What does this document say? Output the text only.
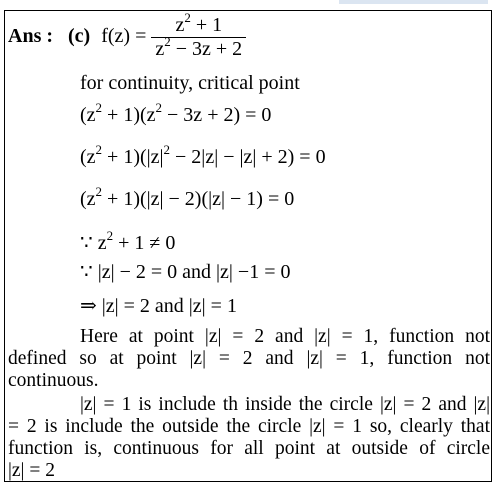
Ans : (c) $f(z) = \frac{z^2 + 1}{z^2 - 3z + 2}$
for continuity, critical point
$(z^2 + 1)(z^2 - 3z + 2) = 0$
$(z^2 + 1)(|z|^2 - 2|z| - |z| + 2) = 0$
$(z^2 + 1)(|z| - 2)(|z| - 1) = 0$
∵ $z^2 + 1 \ne 0$
∵ |z| − 2 = 0 and |z| −1 = 0
⇒ |z| = 2 and |z| = 1
Here at point |z| = 2 and |z| = 1, function not
defined so at point |z| = 2 and |z| = 1, function not
continuous.
|z| = 1 is include th inside the circle |z| = 2 and |z|
= 2 is include the outside the circle |z| = 1 so, clearly that
function is, continuous for all point at outside of circle
|z| = 2
